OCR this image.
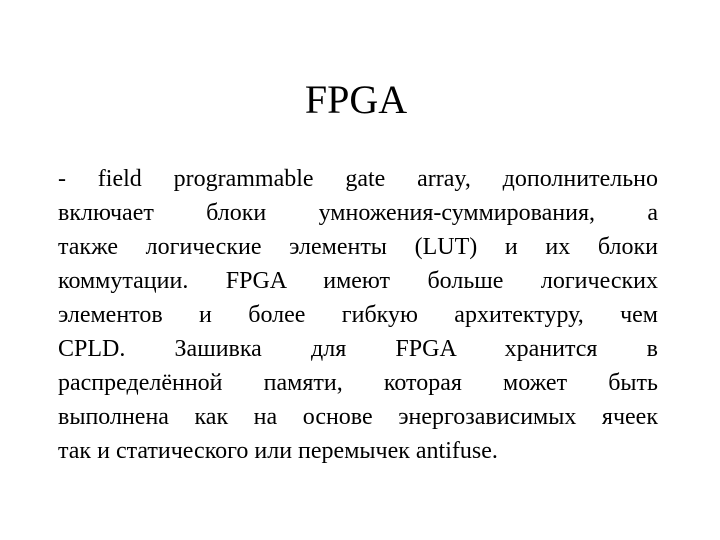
FPGA
- field programmable gate array, дополнительно
включает блоки умножения-суммирования, а
также логические элементы (LUT) и их блоки
коммутации. FPGA имеют больше логических
элементов и более гибкую архитектуру, чем
CPLD. Зашивка для FPGA хранится в
распределённой памяти, которая может быть
выполнена как на основе энергозависимых ячеек
так и статического или перемычек antifuse.
